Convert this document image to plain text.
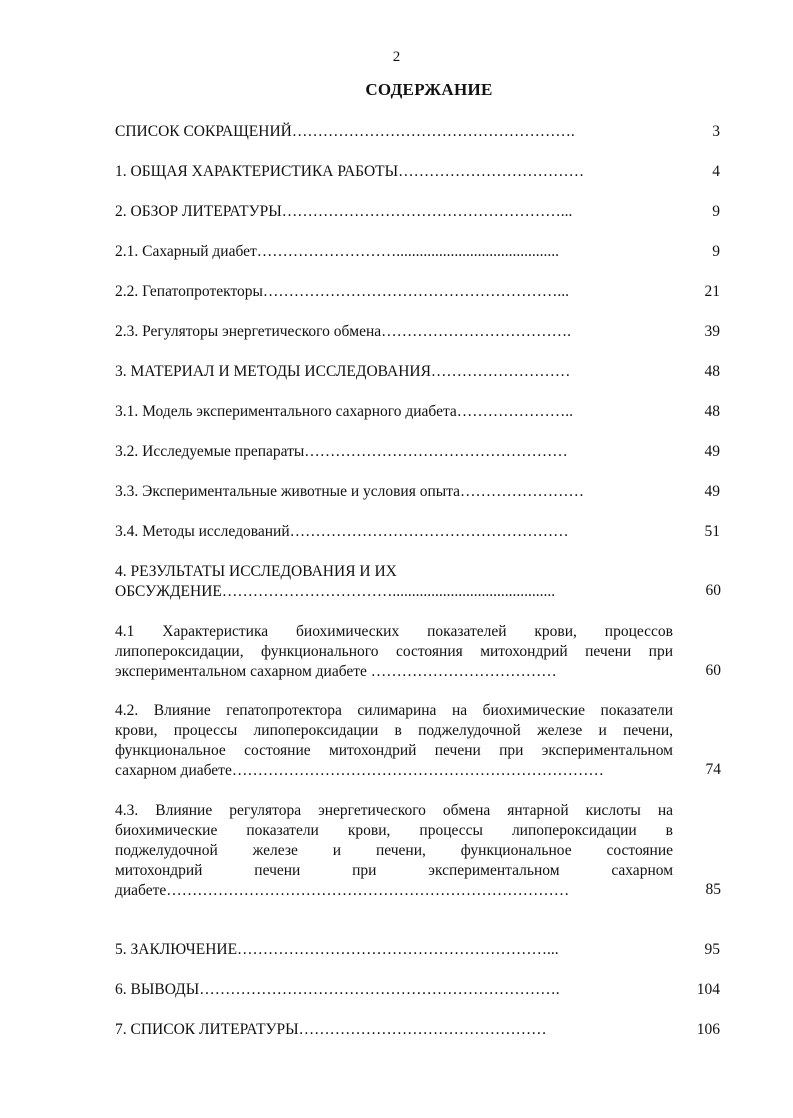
2
СОДЕРЖАНИЕ
СПИСОК СОКРАЩЕНИЙ……………………………………………….	3
1. ОБЩАЯ ХАРАКТЕРИСТИКА РАБОТЫ………………………………	4
2. ОБЗОР ЛИТЕРАТУРЫ………………………………………………...	9
2.1. Сахарный диабет………………………..........................................	9
2.2. Гепатопротекторы…………………………………………………...	21
2.3. Регуляторы энергетического обмена……………………………….	39
3. МАТЕРИАЛ И МЕТОДЫ ИССЛЕДОВАНИЯ………………………	48
3.1. Модель экспериментального сахарного диабета…………………..	48
3.2. Исследуемые препараты……………………………………………	49
3.3. Экспериментальные животные и условия опыта……………………	49
3.4. Методы исследований………………………………………………	51
4. РЕЗУЛЬТАТЫ ИССЛЕДОВАНИЯ И ИХ
ОБСУЖДЕНИЕ……………………………..........................................	60
4.1 Характеристика биохимических показателей крови, процессов
липопероксидации, функционального состояния митохондрий печени при
экспериментальном сахарном диабете ………………………………	60
4.2. Влияние гепатопротектора силимарина на биохимические показатели
крови, процессы липопероксидации в поджелудочной железе и печени,
функциональное состояние митохондрий печени при экспериментальном
сахарном диабете………………………………………………………………	74
4.3. Влияние регулятора энергетического обмена янтарной кислоты на
биохимические показатели крови, процессы липопероксидации в
поджелудочной железе и печени, функциональное состояние
митохондрий печени при экспериментальном сахарном
диабете……………………………………………………………………	85
5. ЗАКЛЮЧЕНИЕ……………………………………………………...	95
6. ВЫВОДЫ…………………………………………………………….	104
7. СПИСОК ЛИТЕРАТУРЫ…………………………………………	106
